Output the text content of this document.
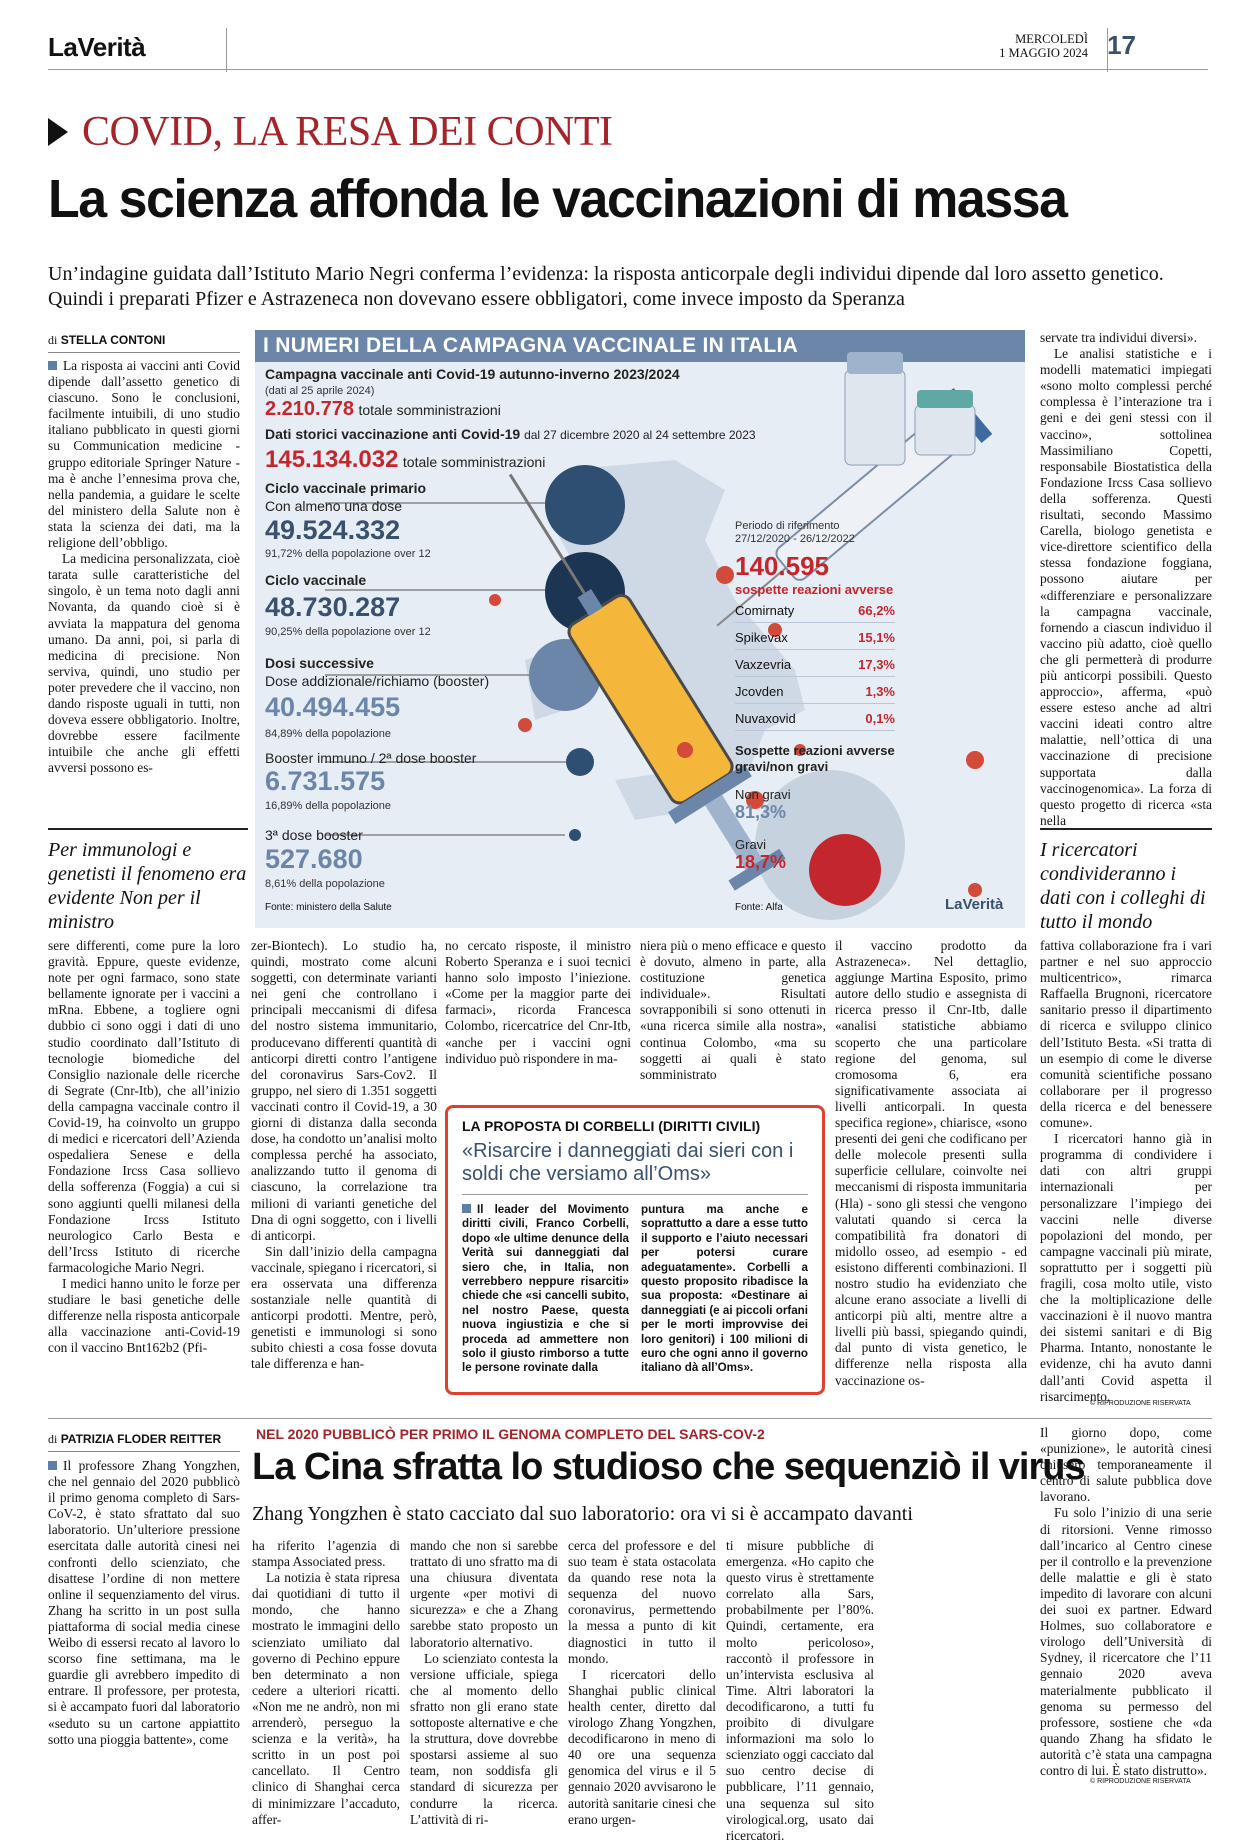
LaVerità	MERCOLEDÌ
1 MAGGIO 2024 17
COVID, LA RESA DEI CONTI
La scienza affonda le vaccinazioni di massa
Un’indagine guidata dall’Istituto Mario Negri conferma l’evidenza: la risposta anticorpale degli individui dipende dal loro assetto genetico. Quindi i preparati Pfizer e Astrazeneca non dovevano essere obbligatori, come invece imposto da Speranza
di STELLA CONTONI

La risposta ai vaccini anti Covid dipende dall’assetto genetico di ciascuno. Sono le conclusioni, facilmente intuibili, di uno studio italiano pubblicato in questi giorni su Communication medicine - gruppo editoriale Springer Nature - ma è anche l’ennesima prova che, nella pandemia, a guidare le scelte del ministero della Salute non è stata la scienza dei dati, ma la religione dell’obbligo.

La medicina personalizzata, cioè tarata sulle caratteristiche del singolo, è un tema noto dagli anni Novanta, da quando cioè si è avviata la mappatura del genoma umano. Da anni, poi, si parla di medicina di precisione. Non serviva, quindi, uno studio per poter prevedere che il vaccino, non dando risposte uguali in tutti, non doveva essere obbligatorio. Inoltre, dovrebbe essere facilmente intuibile che anche gli effetti avversi possono es-

Per immunologi e genetisti il fenomeno era evidente Non per il ministro

servate tra individui diversi».

Le analisi statistiche e i modelli matematici impiegati «sono molto complessi perché complessa è l’interazione tra i geni e dei geni stessi con il vaccino», sottolinea Massimiliano Copetti, responsabile Biostatistica della Fondazione Ircss Casa sollievo della sofferenza. Questi risultati, secondo Massimo Carella, biologo genetista e vice-direttore scientifico della stessa fondazione foggiana, possono aiutare per «differenziare e personalizzare la campagna vaccinale, fornendo a ciascun individuo il vaccino più adatto, cioè quello che gli permetterà di produrre più anticorpi possibili. Questo approccio», afferma, «può essere esteso anche ad altri vaccini ideati contro altre malattie, nell’ottica di una vaccinazione di precisione supportata dalla vaccinogenomica». La forza di questo progetto di ricerca «sta nella

I ricercatori condivideranno i dati con i colleghi di tutto il mondo
I NUMERI DELLA CAMPAGNA VACCINALE IN ITALIA
Campagna vaccinale anti Covid-19 autunno-inverno 2023/2024
(dati al 25 aprile 2024)
2.210.778 totale somministrazioni
Dati storici vaccinazione anti Covid-19 dal 27 dicembre 2020 al 24 settembre 2023
145.134.032 totale somministrazioni
Ciclo vaccinale primario
Con almeno una dose
49.524.332
91,72% della popolazione over 12
Ciclo vaccinale
48.730.287
90,25% della popolazione over 12
Dosi successive
Dose addizionale/richiamo (booster)
40.494.455
84,89% della popolazione
Booster immuno / 2ª dose booster
6.731.575
16,89% della popolazione
3ª dose booster
527.680
8,61% della popolazione
Fonte: ministero della Salute
Periodo di riferimento
27/12/2020 - 26/12/2022
140.595
sospette reazioni avverse
Comirnaty	66,2%
Spikevax	15,1%
Vaxzevria	17,3%
Jcovden	1,3%
Nuvaxovid	0,1%
Sospette reazioni avverse gravi/non gravi
Non gravi
81,3%
Gravi
18,7%
Fonte: Alfa	LaVerità

sere differenti, come pure la loro gravità. Eppure, queste evidenze, note per ogni farmaco, sono state bellamente ignorate per i vaccini a mRna. Ebbene, a togliere ogni dubbio ci sono oggi i dati di uno studio coordinato dall’Istituto di tecnologie biomediche del Consiglio nazionale delle ricerche di Segrate (Cnr-Itb), che all’inizio della campagna vaccinale contro il Covid-19, ha coinvolto un gruppo di medici e ricercatori dell’Azienda ospedaliera Senese e della Fondazione Ircss Casa sollievo della sofferenza (Foggia) a cui si sono aggiunti quelli milanesi della Fondazione Ircss Istituto neurologico Carlo Besta e dell’Ircss Istituto di ricerche farmacologiche Mario Negri.

I medici hanno unito le forze per studiare le basi genetiche delle differenze nella risposta anticorpale alla vaccinazione anti-Covid-19 con il vaccino Bnt162b2 (Pfi-

zer-Biontech). Lo studio ha, quindi, mostrato come alcuni soggetti, con determinate varianti nei geni che controllano i principali meccanismi di difesa del nostro sistema immunitario, producevano differenti quantità di anticorpi diretti contro l’antigene del coronavirus Sars-Cov2. Il gruppo, nel siero di 1.351 soggetti vaccinati contro il Covid-19, a 30 giorni di distanza dalla seconda dose, ha condotto un’analisi molto complessa perché ha associato, analizzando tutto il genoma di ciascuno, la correlazione tra milioni di varianti genetiche del Dna di ogni soggetto, con i livelli di anticorpi.

Sin dall’inizio della campagna vaccinale, spiegano i ricercatori, si era osservata una differenza sostanziale nelle quantità di anticorpi prodotti. Mentre, però, genetisti e immunologi si sono subito chiesti a cosa fosse dovuta tale differenza e han-

no cercato risposte, il ministro Roberto Speranza e i suoi tecnici hanno solo imposto l’iniezione. «Come per la maggior parte dei farmaci», ricorda Francesca Colombo, ricercatrice del Cnr-Itb, «anche per i vaccini ogni individuo può rispondere in ma-

niera più o meno efficace e questo è dovuto, almeno in parte, alla costituzione genetica individuale». Risultati sovrapponibili si sono ottenuti in «una ricerca simile alla nostra», continua Colombo, «ma su soggetti ai quali è stato somministrato

il vaccino prodotto da Astrazeneca». Nel dettaglio, aggiunge Martina Esposito, primo autore dello studio e assegnista di ricerca presso il Cnr-Itb, dalle «analisi statistiche abbiamo scoperto che una particolare regione del genoma, sul cromosoma 6, era significativamente associata ai livelli anticorpali. In questa specifica regione», chiarisce, «sono presenti dei geni che codificano per delle molecole presenti sulla superficie cellulare, coinvolte nei meccanismi di risposta immunitaria (Hla) - sono gli stessi che vengono valutati quando si cerca la compatibilità fra donatori di midollo osseo, ad esempio - ed esistono differenti combinazioni. Il nostro studio ha evidenziato che alcune erano associate a livelli di anticorpi più alti, mentre altre a livelli più bassi, spiegando quindi, dal punto di vista genetico, le differenze nella risposta alla vaccinazione os-

fattiva collaborazione fra i vari partner e nel suo approccio multicentrico», rimarca Raffaella Brugnoni, ricercatore sanitario presso il dipartimento di ricerca e sviluppo clinico dell’Istituto Besta. «Si tratta di un esempio di come le diverse comunità scientifiche possano collaborare per il progresso della ricerca e del benessere comune».

I ricercatori hanno già in programma di condividere i dati con altri gruppi internazionali per personalizzare l’impiego dei vaccini nelle diverse popolazioni del mondo, per campagne vaccinali più mirate, soprattutto per i soggetti più fragili, cosa molto utile, visto che la moltiplicazione delle vaccinazioni è il nuovo mantra dei sistemi sanitari e di Big Pharma. Intanto, nonostante le evidenze, chi ha avuto danni dall’anti Covid aspetta il risarcimento.

LA PROPOSTA DI CORBELLI (DIRITTI CIVILI)
«Risarcire i danneggiati dai sieri con i soldi che versiamo all’Oms»
Il leader del Movimento diritti civili, Franco Corbelli, dopo «le ultime denunce della Verità sui danneggiati dal siero che, in Italia, non verrebbero neppure risarciti» chiede che «si cancelli subito, nel nostro Paese, questa nuova ingiustizia e che si proceda ad ammettere non solo il giusto rimborso a tutte le persone rovinate dalla
puntura ma anche e soprattutto a dare a esse tutto il supporto e l’aiuto necessari per potersi curare adeguatamente». Corbelli a questo proposito ribadisce la sua proposta: «Destinare ai danneggiati (e ai piccoli orfani per le morti improvvise dei loro genitori) i 100 milioni di euro che ogni anno il governo italiano dà all’Oms».
© RIPRODUZIONE RISERVATA
di PATRIZIA FLODER REITTER	NEL 2020 PUBBLICÒ PER PRIMO IL GENOMA COMPLETO DEL SARS-COV-2
La Cina sfratta lo studioso che sequenziò il virus
Zhang Yongzhen è stato cacciato dal suo laboratorio: ora vi si è accampato davanti

Il professore Zhang Yongzhen, che nel gennaio del 2020 pubblicò il primo genoma completo di Sars-CoV-2, è stato sfrattato dal suo laboratorio. Un’ulteriore pressione esercitata dalle autorità cinesi nei confronti dello scienziato, che disattese l’ordine di non mettere online il sequenziamento del virus. Zhang ha scritto in un post sulla piattaforma di social media cinese Weibo di essersi recato al lavoro lo scorso fine settimana, ma le guardie gli avrebbero impedito di entrare. Il professore, per protesta, si è accampato fuori dal laboratorio «seduto su un cartone appiattito sotto una pioggia battente», come

ha riferito l’agenzia di stampa Associated press.

La notizia è stata ripresa dai quotidiani di tutto il mondo, che hanno mostrato le immagini dello scienziato umiliato dal governo di Pechino eppure ben determinato a non cedere a ulteriori ricatti. «Non me ne andrò, non mi arrenderò, perseguo la scienza e la verità», ha scritto in un post poi cancellato. Il Centro clinico di Shanghai cerca di minimizzare l’accaduto, affer-

mando che non si sarebbe trattato di uno sfratto ma di una chiusura diventata urgente «per motivi di sicurezza» e che a Zhang sarebbe stato proposto un laboratorio alternativo.

Lo scienziato contesta la versione ufficiale, spiega che al momento dello sfratto non gli erano state sottoposte alternative e che la struttura, dove dovrebbe spostarsi assieme al suo team, non soddisfa gli standard di sicurezza per condurre la ricerca. L’attività di ri-

cerca del professore e del suo team è stata ostacolata da quando rese nota la sequenza del nuovo coronavirus, permettendo la messa a punto di kit diagnostici in tutto il mondo.

I ricercatori dello Shanghai public clinical health center, diretto dal virologo Zhang Yongzhen, decodificarono in meno di 40 ore una sequenza genomica del virus e il 5 gennaio 2020 avvisarono le autorità sanitarie cinesi che erano urgen-

ti misure pubbliche di emergenza. «Ho capito che questo virus è strettamente correlato alla Sars, probabilmente per l’80%. Quindi, certamente, era molto pericoloso», raccontò il professore in un’intervista esclusiva al Time. Altri laboratori la decodificarono, a tutti fu proibito di divulgare informazioni ma solo lo scienziato oggi cacciato dal suo centro decise di pubblicare, l’11 gennaio, una sequenza sul sito virological.org, usato dai ricercatori.

Il giorno dopo, come «punizione», le autorità cinesi chiusero temporaneamente il centro di salute pubblica dove lavorano.

Fu solo l’inizio di una serie di ritorsioni. Venne rimosso dall’incarico al Centro cinese per il controllo e la prevenzione delle malattie e gli è stato impedito di lavorare con alcuni dei suoi ex partner. Edward Holmes, suo collaboratore e virologo dell’Università di Sydney, il ricercatore che l’11 gennaio 2020 aveva materialmente pubblicato il genoma su permesso del professore, sostiene che «da quando Zhang ha sfidato le autorità c’è stata una campagna contro di lui. È stato distrutto».

© RIPRODUZIONE RISERVATA
